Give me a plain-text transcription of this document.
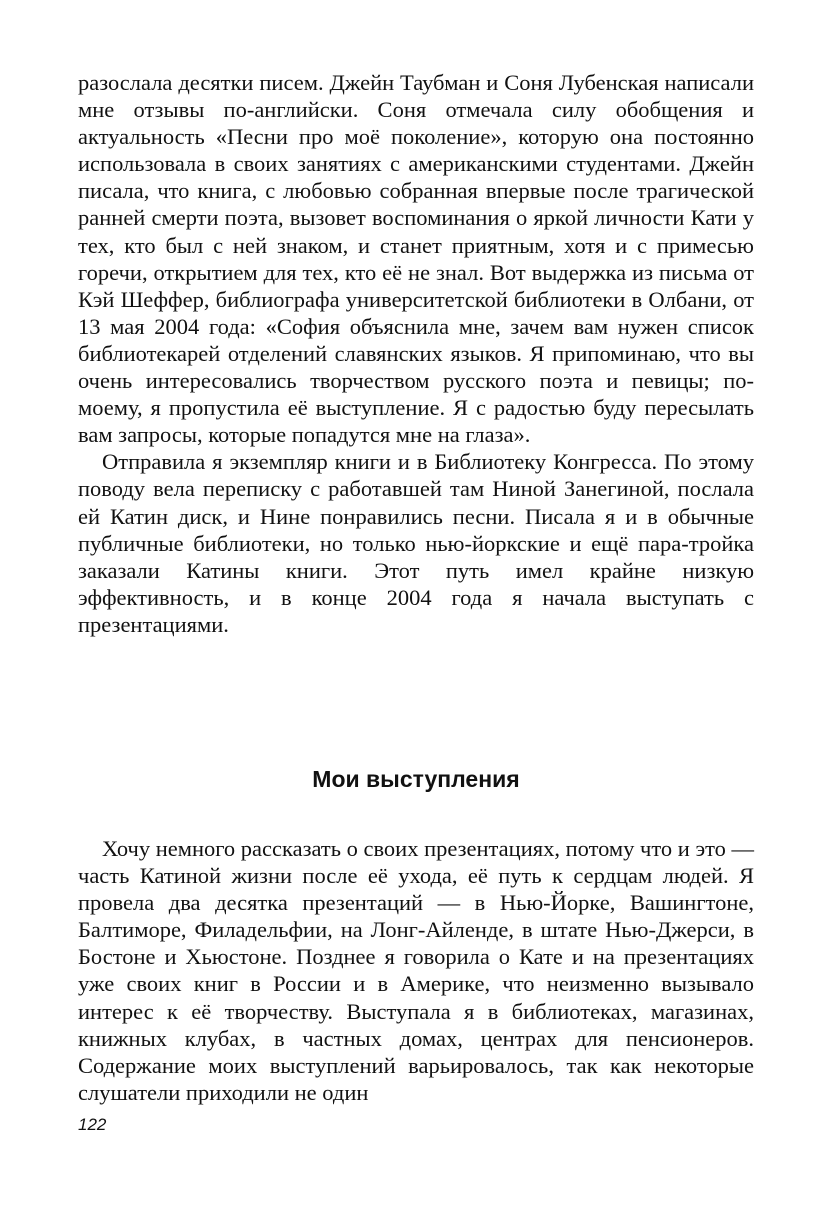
разослала десятки писем. Джейн Таубман и Соня Лубенская написали мне отзывы по-английски. Соня отмечала силу обобщения и актуальность «Песни про моё поколение», которую она постоянно использовала в своих занятиях с американскими студентами. Джейн писала, что книга, с любовью собранная впервые после трагической ранней смерти поэта, вызовет воспоминания о яркой личности Кати у тех, кто был с ней знаком, и станет приятным, хотя и с примесью горечи, открытием для тех, кто её не знал. Вот выдержка из письма от Кэй Шеффер, библиографа университетской библиотеки в Олбани, от 13 мая 2004 года: «София объяснила мне, зачем вам нужен список библиотекарей отделений славянских языков. Я припоминаю, что вы очень интересовались творчеством русского поэта и певицы; по-моему, я пропустила её выступление. Я с радостью буду пересылать вам запросы, которые попадутся мне на глаза».

Отправила я экземпляр книги и в Библиотеку Конгресса. По этому поводу вела переписку с работавшей там Ниной Занегиной, послала ей Катин диск, и Нине понравились песни. Писала я и в обычные публичные библиотеки, но только нью-йоркские и ещё пара-тройка заказали Катины книги. Этот путь имел крайне низкую эффективность, и в конце 2004 года я начала выступать с презентациями.

Мои выступления

Хочу немного рассказать о своих презентациях, потому что и это — часть Катиной жизни после её ухода, её путь к сердцам людей. Я провела два десятка презентаций — в Нью-Йорке, Вашингтоне, Балтиморе, Филадельфии, на Лонг-Айленде, в штате Нью-Джерси, в Бостоне и Хьюстоне. Позднее я говорила о Кате и на презентациях уже своих книг в России и в Америке, что неизменно вызывало интерес к её творчеству. Выступала я в библиотеках, магазинах, книжных клубах, в частных домах, центрах для пенсионеров. Содержание моих выступлений варьировалось, так как некоторые слушатели приходили не один

122
